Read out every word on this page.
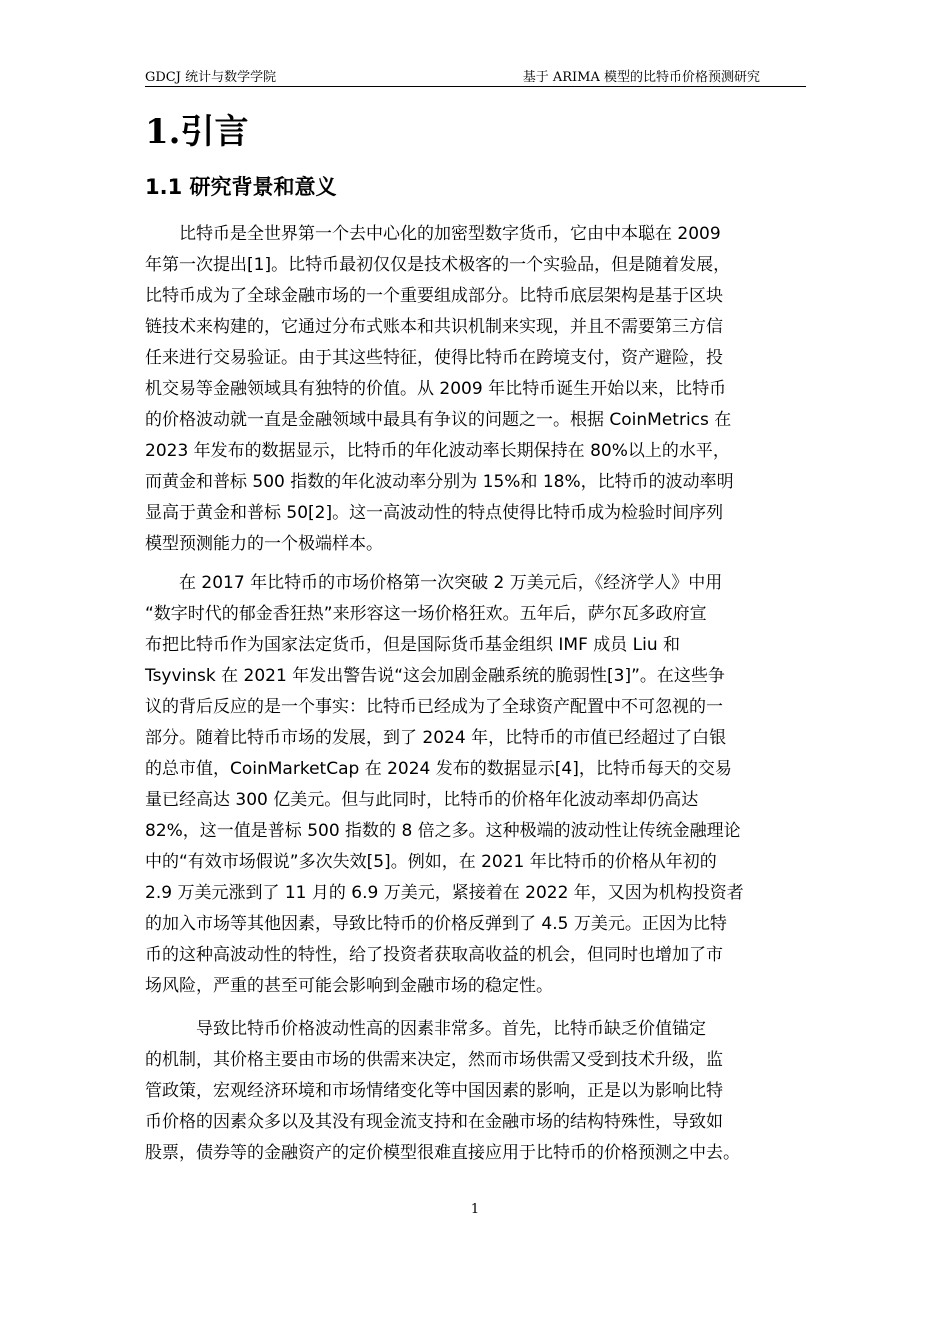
GDCJ 统计与数学学院	基于 ARIMA 模型的比特币价格预测研究
1.引言
1.1 研究背景和意义
　　比特币是全世界第一个去中心化的加密型数字货币，它由中本聪在 2009
年第一次提出[1]。比特币最初仅仅是技术极客的一个实验品，但是随着发展，
比特币成为了全球金融市场的一个重要组成部分。比特币底层架构是基于区块
链技术来构建的，它通过分布式账本和共识机制来实现，并且不需要第三方信
任来进行交易验证。由于其这些特征，使得比特币在跨境支付，资产避险，投
机交易等金融领域具有独特的价值。从 2009 年比特币诞生开始以来，比特币
的价格波动就一直是金融领域中最具有争议的问题之一。根据 CoinMetrics 在
2023 年发布的数据显示，比特币的年化波动率长期保持在 80%以上的水平，
而黄金和普标 500 指数的年化波动率分别为 15%和 18%，比特币的波动率明
显高于黄金和普标 50[2]。这一高波动性的特点使得比特币成为检验时间序列
模型预测能力的一个极端样本。
　　在 2017 年比特币的市场价格第一次突破 2 万美元后，《经济学人》中用
“数字时代的郁金香狂热”来形容这一场价格狂欢。五年后，萨尔瓦多政府宣
布把比特币作为国家法定货币，但是国际货币基金组织 IMF 成员 Liu 和
Tsyvinsk 在 2021 年发出警告说“这会加剧金融系统的脆弱性[3]”。在这些争
议的背后反应的是一个事实：比特币已经成为了全球资产配置中不可忽视的一
部分。随着比特币市场的发展，到了 2024 年，比特币的市值已经超过了白银
的总市值，CoinMarketCap 在 2024 发布的数据显示[4]，比特币每天的交易
量已经高达 300 亿美元。但与此同时，比特币的价格年化波动率却仍高达
82%，这一值是普标 500 指数的 8 倍之多。这种极端的波动性让传统金融理论
中的“有效市场假说”多次失效[5]。例如，在 2021 年比特币的价格从年初的
2.9 万美元涨到了 11 月的 6.9 万美元，紧接着在 2022 年，又因为机构投资者
的加入市场等其他因素，导致比特币的价格反弹到了 4.5 万美元。正因为比特
币的这种高波动性的特性，给了投资者获取高收益的机会，但同时也增加了市
场风险，严重的甚至可能会影响到金融市场的稳定性。
　　　导致比特币价格波动性高的因素非常多。首先，比特币缺乏价值锚定
的机制，其价格主要由市场的供需来决定，然而市场供需又受到技术升级，监
管政策，宏观经济环境和市场情绪变化等中国因素的影响，正是以为影响比特
币价格的因素众多以及其没有现金流支持和在金融市场的结构特殊性，导致如
股票，债券等的金融资产的定价模型很难直接应用于比特币的价格预测之中去。
1
